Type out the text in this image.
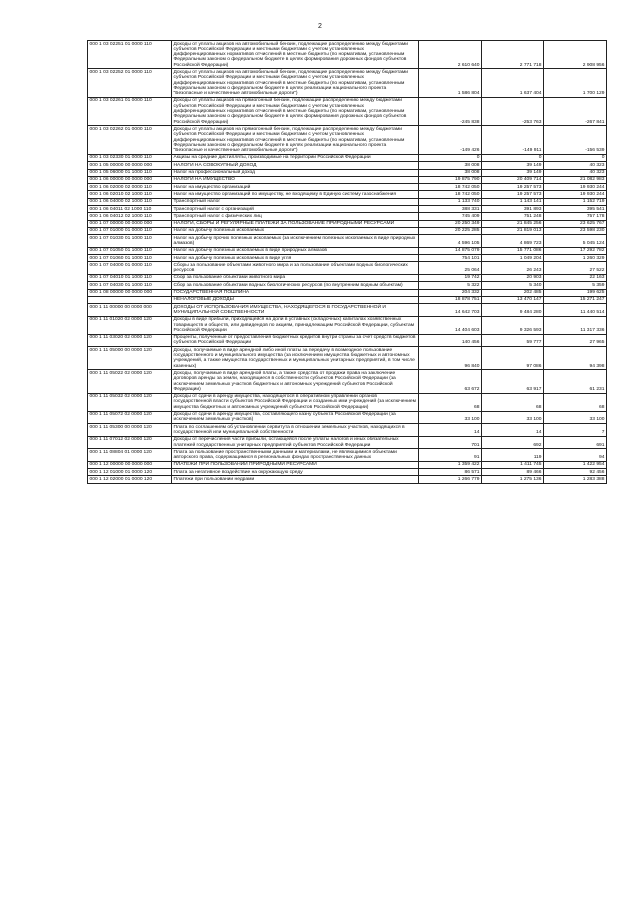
2
000 1 03 02251 01 0000 110	Доходы от уплаты акцизов на автомобильный бензин, подлежащие распределению между бюджетами субъектов Российской Федерации и местными бюджетами с учетом установленных дифференцированных нормативов отчислений в местные бюджеты (по нормативам, установленным Федеральным законом о федеральном бюджете в целях формирования дорожных фондов субъектов Российской Федерации)	2 610 640	2 771 718	2 908 956
000 1 03 02252 01 0000 110	Доходы от уплаты акцизов на автомобильный бензин, подлежащие распределению между бюджетами субъектов Российской Федерации и местными бюджетами с учетом установленных дифференцированных нормативов отчислений в местные бюджеты (по нормативам, установленным Федеральным законом о федеральном бюджете в целях реализации национального проекта "Безопасные и качественные автомобильные дороги")	1 586 804	1 637 404	1 700 129
000 1 03 02261 01 0000 110	Доходы от уплаты акцизов на прямогонный бензин, подлежащие распределению между бюджетами субъектов Российской Федерации и местными бюджетами с учетом установленных дифференцированных нормативов отчислений в местные бюджеты (по нормативам, установленным Федеральным законом о федеральном бюджете в целях формирования дорожных фондов субъектов Российской Федерации)	-245 838	-253 763	-267 841
000 1 03 02262 01 0000 110	Доходы от уплаты акцизов на прямогонный бензин, подлежащие распределению между бюджетами субъектов Российской Федерации и местными бюджетами с учетом установленных дифференцированных нормативов отчислений в местные бюджеты (по нормативам, установленным Федеральным законом о федеральном бюджете в целях реализации национального проекта "Безопасные и качественные автомобильные дороги")	-149 426	-149 911	-156 539
000 1 03 02330 01 0000 110	Акцизы на средние дистилляты, производимые на территории Российской Федерации	0	0	0
000 1 05 00000 00 0000 000	НАЛОГИ НА СОВОКУПНЫЙ ДОХОД	38 008	39 149	40 323
000 1 05 06000 01 1000 110	Налог на профессиональный доход	38 008	39 149	40 323
000 1 06 00000 00 0000 000	НАЛОГИ НА ИМУЩЕСТВО	19 875 790	20 409 714	21 082 983
000 1 06 02000 02 0000 110	Налог на имущество организаций	18 742 050	19 257 573	19 930 244
000 1 06 02010 02 1000 110	Налог на имущество организаций по имуществу, не входящему в Единую систему газоснабжения	18 742 050	19 257 573	19 930 244
000 1 06 04000 02 1000 110	Транспортный налог	1 133 740	1 143 141	1 152 719
000 1 06 04011 02 1000 110	Транспортный налог с организаций	388 331	391 893	395 541
000 1 06 04012 02 1000 110	Транспортный налог с физических лиц	745 409	751 248	757 178
000 1 07 00000 00 0000 000	НАЛОГИ, СБОРЫ И РЕГУЛЯРНЫЕ ПЛАТЕЖИ ЗА ПОЛЬЗОВАНИЕ ПРИРОДНЫМИ РЕСУРСАМИ	20 250 349	21 845 256	23 625 767
000 1 07 01000 01 0000 110	Налог на добычу полезных ископаемых	20 225 285	21 819 013	23 598 230
000 1 07 01030 01 1000 110	Налог на добычу прочих полезных ископаемых (за исключением полезных ископаемых в виде природных алмазов)	4 596 105	4 869 723	5 045 124
000 1 07 01050 01 1000 110	Налог на добычу полезных ископаемых в виде природных алмазов	14 875 079	15 771 086	17 292 782
000 1 07 01060 01 1000 110	Налог на добычу полезных ископаемых в виде угля	754 101	1 049 204	1 260 329
000 1 07 04000 01 0000 110	Сборы за пользование объектами животного мира и за пользование объектами водных биологических ресурсов	25 064	26 243	27 522
000 1 07 04010 01 1000 110	Сбор за пользование объектами животного мира	19 742	20 903	22 163
000 1 07 04030 01 1000 110	Сбор за пользование объектами водных биологических ресурсов (по внутренним водным объектам)	5 322	5 340	5 359
000 1 08 00000 00 0000 000	ГОСУДАРСТВЕННАЯ ПОШЛИНА	204 332	202 485	199 625
	НЕНАЛОГОВЫЕ ДОХОДЫ	18 878 751	13 470 147	15 271 247
000 1 11 00000 00 0000 000	ДОХОДЫ ОТ ИСПОЛЬЗОВАНИЯ ИМУЩЕСТВА, НАХОДЯЩЕГОСЯ В ГОСУДАРСТВЕННОЙ И МУНИЦИПАЛЬНОЙ СОБСТВЕННОСТИ	14 642 703	9 484 280	11 440 514
000 1 11 01020 02 0000 120	Доходы в виде прибыли, приходящейся на доли в уставных (складочных) капиталах хозяйственных товариществ и обществ, или дивидендов по акциям, принадлежащим Российской Федерации, субъектам Российской Федерации	14 404 603	9 326 593	11 317 336
000 1 11 03020 02 0000 120	Проценты, полученные от предоставления бюджетных кредитов внутри страны за счет средств бюджетов субъектов Российской Федерации	140 456	59 777	27 965
000 1 11 05000 00 0000 120	Доходы, получаемые в виде арендной либо иной платы за передачу в возмездное пользование государственного и муниципального имущества (за исключением имущества бюджетных и автономных учреждений, а также имущества государственных и муниципальных унитарных предприятий, в том числе казенных)	96 840	97 086	94 398
000 1 11 05022 02 0000 120	Доходы, получаемые в виде арендной платы, а также средства от продажи права на заключение договоров аренды за земли, находящиеся в собственности субъектов Российской Федерации (за исключением земельных участков бюджетных и автономных учреждений субъектов Российской Федерации)	63 672	63 917	61 231
000 1 11 05032 02 0000 120	Доходы от сдачи в аренду имущества, находящегося в оперативном управлении органов государственной власти субъектов Российской Федерации и созданных ими учреждений (за исключением имущества бюджетных и автономных учреждений субъектов Российской Федерации)	68	68	68
000 1 11 05072 02 0000 120	Доходы от сдачи в аренду имущества, составляющего казну субъекта Российской Федерации (за исключением земельных участков)	33 100	33 100	33 100
000 1 11 05300 00 0000 120	Плата по соглашениям об установлении сервитута в отношении земельных участков, находящихся в государственной или муниципальной собственности	14	14	7
000 1 11 07012 02 0000 120	Доходы от перечисления части прибыли, остающейся после уплаты налогов и иных обязательных платежей государственных унитарных предприятий субъектов Российской Федерации	701	692	691
000 1 11 08804 01 0000 120	Плата за пользование пространственными данными и материалами, не являющимися объектами авторского права, содержащимися в региональных фондах пространственных данных	91	119	94
000 1 12 00000 00 0000 000	ПЛАТЕЖИ ПРИ ПОЛЬЗОВАНИИ ПРИРОДНЫМИ РЕСУРСАМИ	1 359 422	1 411 745	1 422 954
000 1 12 01000 01 0000 120	Плата за негативное воздействие на окружающую среду	86 571	89 466	92 456
000 1 12 02000 01 0000 120	Платежи при пользовании недрами	1 266 779	1 275 136	1 283 388
